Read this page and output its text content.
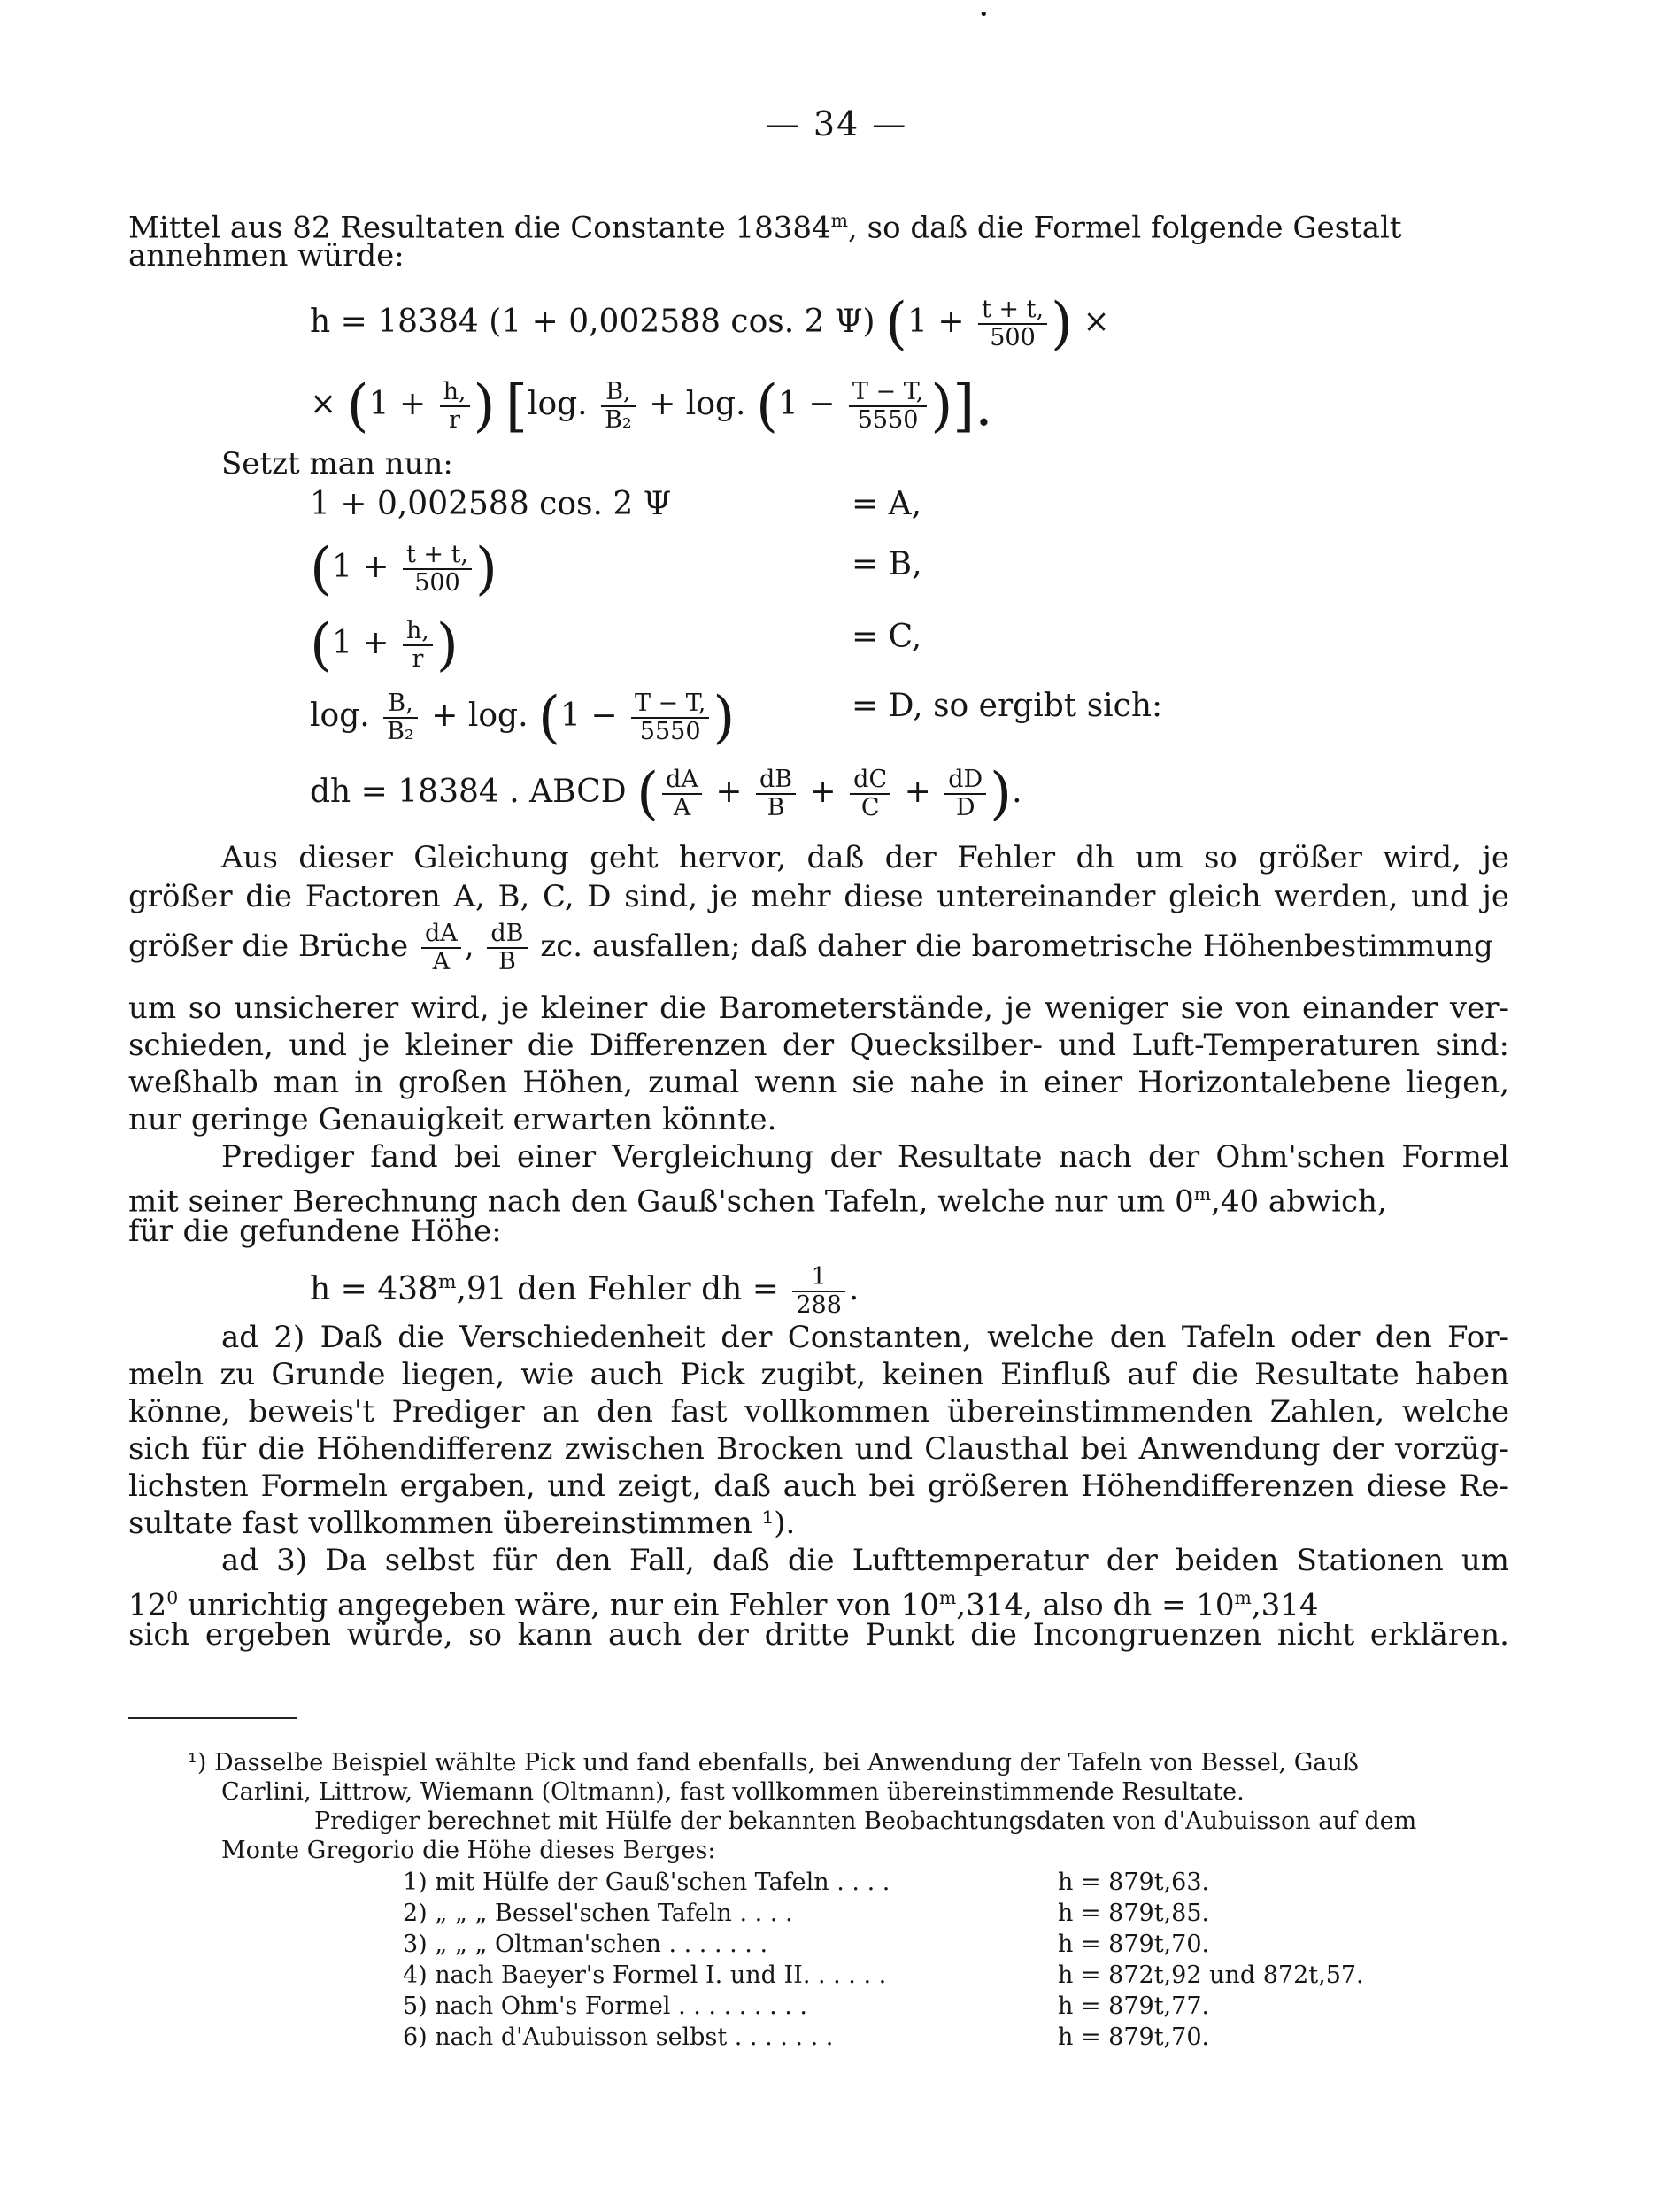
•
— 34 —
Mittel aus 82 Resultaten die Constante 18384$^m$, so daß die Formel folgende Gestalt
annehmen würde:
h = 18384 (1 + 0,002588 cos. 2 Ψ) ($1 + \frac{t + t,}{500}$ ) ×
× ($1 + \frac{h,}{r}$ ) [log. $\frac{B,}{\text{B₂}} + \log$. ($1 - \frac{T - T,}{5550}$ )].
Setzt man nun:
1 + 0,002588 cos. 2 Ψ	= A,
($1 + \frac{t + t,}{500}$ )	= B,
($1 + \frac{h,}{r}$ )	= C,
log. $\frac{B,}{\text{B₂}} + \log$. ($1 - \frac{T - T,}{5550}$ )	= D, so ergibt sich:
dh = 18384 . ABCD ( $\frac{dA}{A} + \frac{dB}{B} + \frac{dC}{C} + \frac{dD}{D}$ ).
Aus dieser Gleichung geht hervor, daß der Fehler dh um so größer wird, je
größer die Factoren A, B, C, D sind, je mehr diese untereinander gleich werden, und je
größer die Brüche $\frac{dA}{A}$ , $\frac{dB}{B}$ zc. ausfallen; daß daher die barometrische Höhenbestimmung
um so unsicherer wird, je kleiner die Barometerstände, je weniger sie von einander ver-
schieden, und je kleiner die Differenzen der Quecksilber- und Luft-Temperaturen sind:
weßhalb man in großen Höhen, zumal wenn sie nahe in einer Horizontalebene liegen,
nur geringe Genauigkeit erwarten könnte.
Prediger fand bei einer Vergleichung der Resultate nach der Ohm'schen Formel
mit seiner Berechnung nach den Gauß'schen Tafeln, welche nur um 0$^m$,40 abwich,
für die gefundene Höhe:
$h = 438^m,91$ den Fehler dh = $\frac{1}{288}$ .
ad 2) Daß die Verschiedenheit der Constanten, welche den Tafeln oder den For-
meln zu Grunde liegen, wie auch Pick zugibt, keinen Einfluß auf die Resultate haben
könne, beweis't Prediger an den fast vollkommen übereinstimmenden Zahlen, welche
sich für die Höhendifferenz zwischen Brocken und Clausthal bei Anwendung der vorzüg-
lichsten Formeln ergaben, und zeigt, daß auch bei größeren Höhendifferenzen diese Re-
sultate fast vollkommen übereinstimmen ¹).
ad 3) Da selbst für den Fall, daß die Lufttemperatur der beiden Stationen um
$12^0$ unrichtig angegeben wäre, nur ein Fehler von 10$^m$,314, also dh = $10^m,314$
sich ergeben würde, so kann auch der dritte Punkt die Incongruenzen nicht erklären.
¹) Dasselbe Beispiel wählte Pick und fand ebenfalls, bei Anwendung der Tafeln von Bessel, Gauß
Carlini, Littrow, Wiemann (Oltmann), fast vollkommen übereinstimmende Resultate.
Prediger berechnet mit Hülfe der bekannten Beobachtungsdaten von d'Aubuisson auf dem
Monte Gregorio die Höhe dieses Berges:
1) mit Hülfe der Gauß'schen Tafeln . . . .	h = 879t,63.
2) „ „ „ Bessel'schen Tafeln . . . .	h = 879t,85.
3) „ „ „ Oltman'schen . . . . . . .	h = 879t,70.
4) nach Baeyer's Formel I. und II. . . . . .	h = 872t,92 und 872t,57.
5) nach Ohm's Formel . . . . . . . . .	h = 879t,77.
6) nach d'Aubuisson selbst . . . . . . .	h = 879t,70.
